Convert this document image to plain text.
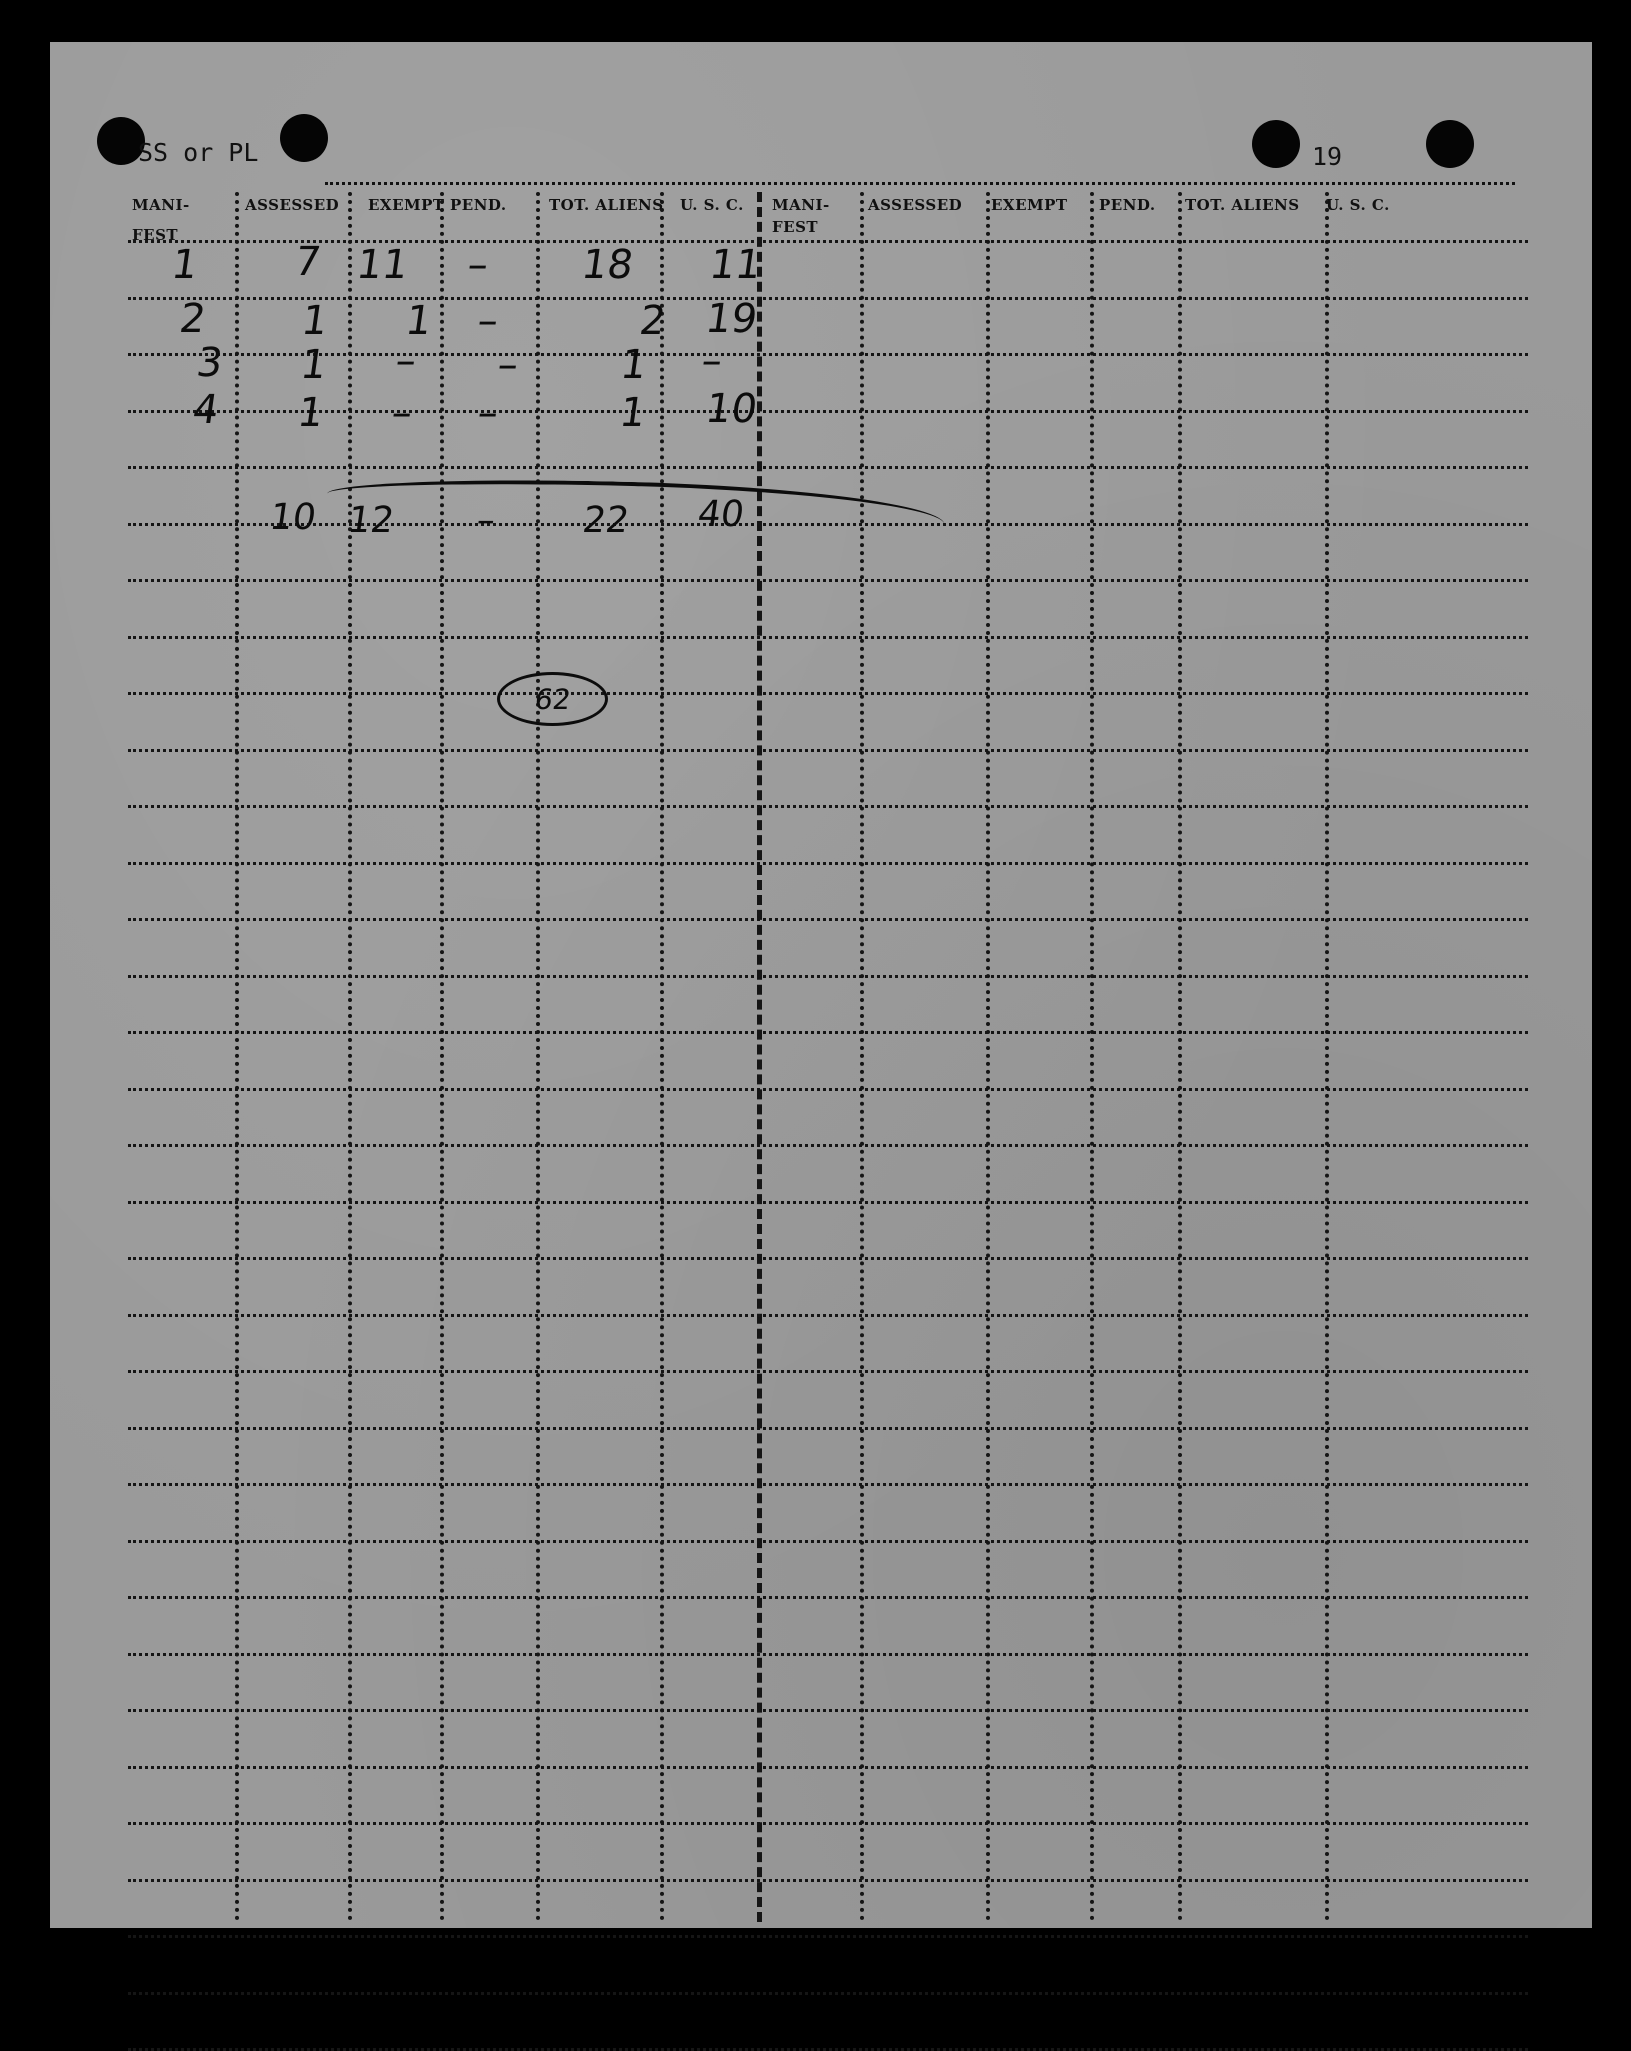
SS or PL	19
MANI-
FEST
ASSESSED EXEMPT PEND.	TOT. ALIENS U. S. C. MANI-
FEST
ASSESSED EXEMPT PEND. TOT. ALIENS U. S. C.
1 7 11 – 18 11
2 1 1 –	2 19
3 1 – – 1 –
4 1 – –	1 10
10 12 – 22 40
62
